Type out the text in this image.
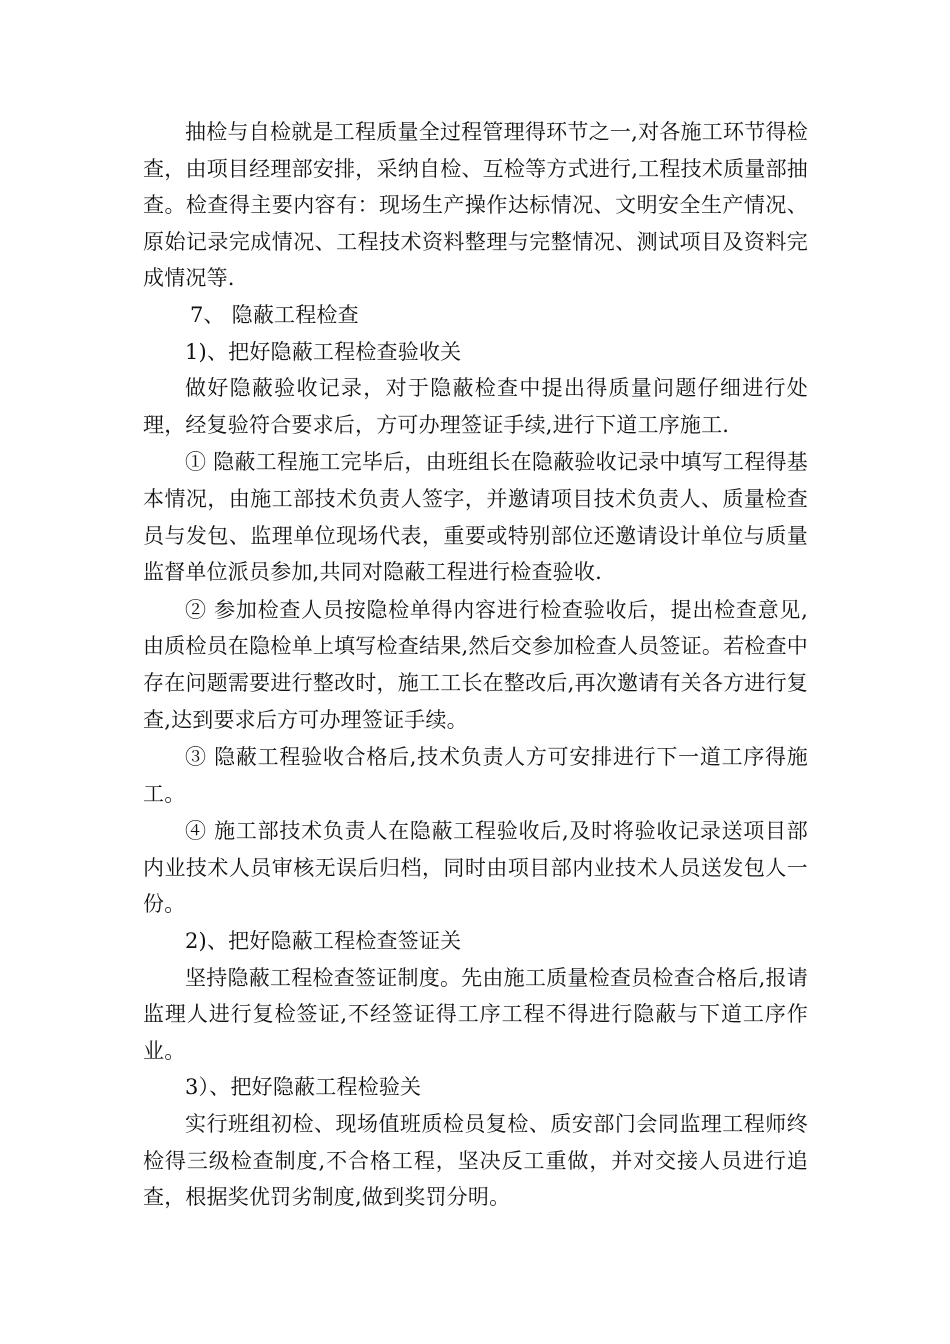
抽检与自检就是工程质量全过程管理得环节之一,对各施工环节得检查，由项目经理部安排，采纳自检、互检等方式进行,工程技术质量部抽查。检查得主要内容有：现场生产操作达标情况、文明安全生产情况、原始记录完成情况、工程技术资料整理与完整情况、测试项目及资料完成情况等.

7、 隐蔽工程检查

1)、把好隐蔽工程检查验收关

做好隐蔽验收记录，对于隐蔽检查中提出得质量问题仔细进行处理，经复验符合要求后，方可办理签证手续,进行下道工序施工.

① 隐蔽工程施工完毕后，由班组长在隐蔽验收记录中填写工程得基本情况，由施工部技术负责人签字，并邀请项目技术负责人、质量检查员与发包、监理单位现场代表，重要或特别部位还邀请设计单位与质量监督单位派员参加,共同对隐蔽工程进行检查验收.

② 参加检查人员按隐检单得内容进行检查验收后，提出检查意见,由质检员在隐检单上填写检查结果,然后交参加检查人员签证。若检查中存在问题需要进行整改时，施工工长在整改后,再次邀请有关各方进行复查,达到要求后方可办理签证手续。

③ 隐蔽工程验收合格后,技术负责人方可安排进行下一道工序得施工。

④ 施工部技术负责人在隐蔽工程验收后,及时将验收记录送项目部内业技术人员审核无误后归档，同时由项目部内业技术人员送发包人一份。

2)、把好隐蔽工程检查签证关

坚持隐蔽工程检查签证制度。先由施工质量检查员检查合格后,报请监理人进行复检签证,不经签证得工序工程不得进行隐蔽与下道工序作业。

3）、把好隐蔽工程检验关

实行班组初检、现场值班质检员复检、质安部门会同监理工程师终检得三级检查制度,不合格工程，坚决反工重做，并对交接人员进行追查，根据奖优罚劣制度,做到奖罚分明。
